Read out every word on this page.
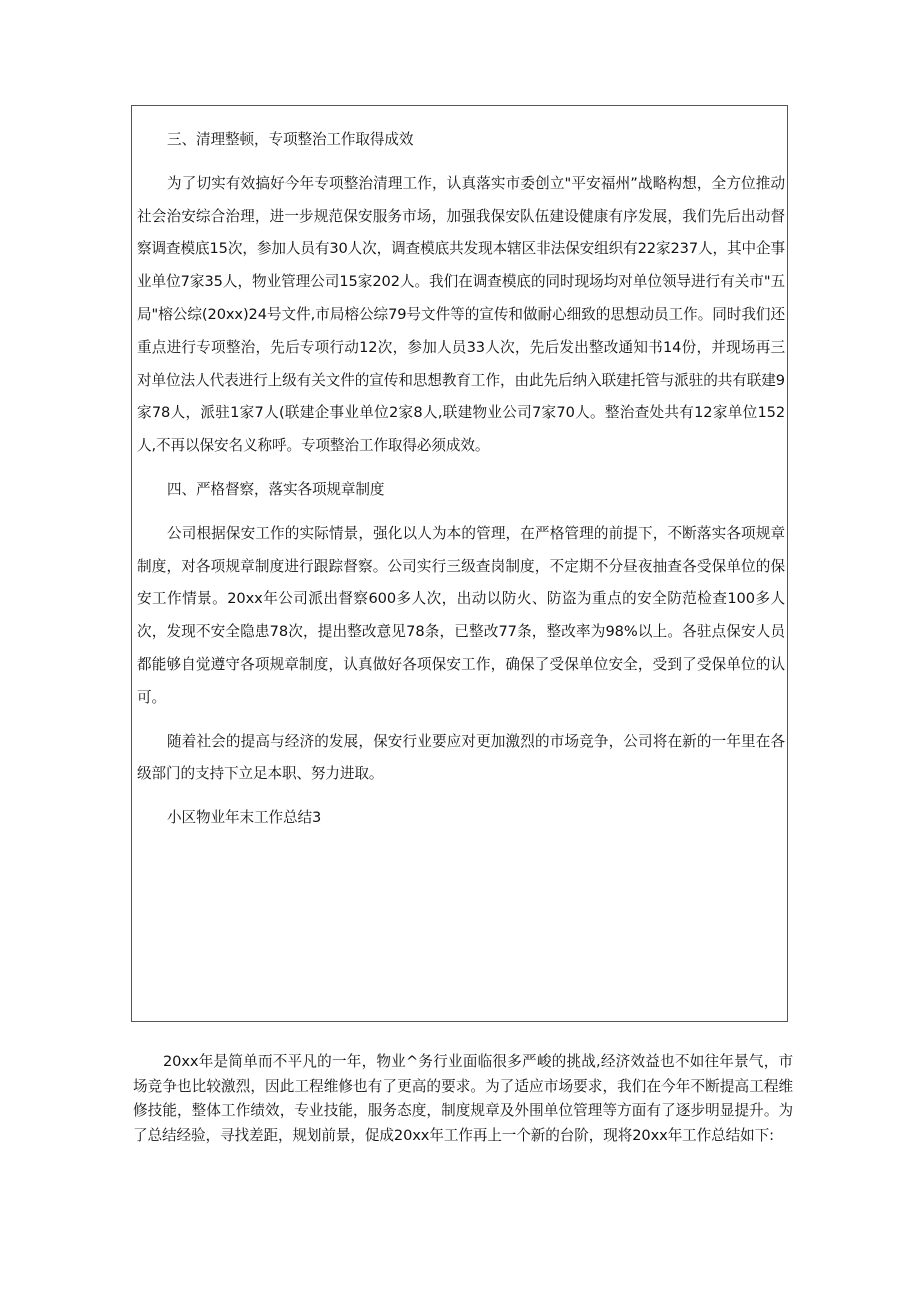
三、清理整顿，专项整治工作取得成效

为了切实有效搞好今年专项整治清理工作，认真落实市委创立"平安福州”战略构想，全方位推动社会治安综合治理，进一步规范保安服务市场，加强我保安队伍建设健康有序发展，我们先后出动督察调查模底15次，参加人员有30人次，调查模底共发现本辖区非法保安组织有22家237人，其中企事业单位7家35人，物业管理公司15家202人。我们在调查模底的同时现场均对单位领导进行有关市"五局"榕公综(20xx)24号文件,市局榕公综79号文件等的宣传和做耐心细致的思想动员工作。同时我们还重点进行专项整治，先后专项行动12次，参加人员33人次，先后发出整改通知书14份，并现场再三对单位法人代表进行上级有关文件的宣传和思想教育工作，由此先后纳入联建托管与派驻的共有联建9家78人，派驻1家7人(联建企事业单位2家8人,联建物业公司7家70人。整治查处共有12家单位152人,不再以保安名义称呼。专项整治工作取得必须成效。

四、严格督察，落实各项规章制度

公司根据保安工作的实际情景，强化以人为本的管理，在严格管理的前提下，不断落实各项规章制度，对各项规章制度进行跟踪督察。公司实行三级查岗制度，不定期不分昼夜抽查各受保单位的保安工作情景。20xx年公司派出督察600多人次，出动以防火、防盗为重点的安全防范检查100多人次，发现不安全隐患78次，提出整改意见78条，已整改77条，整改率为98%以上。各驻点保安人员都能够自觉遵守各项规章制度，认真做好各项保安工作，确保了受保单位安全，受到了受保单位的认可。

随着社会的提高与经济的发展，保安行业要应对更加激烈的市场竞争，公司将在新的一年里在各级部门的支持下立足本职、努力进取。

小区物业年末工作总结3

20xx年是简单而不平凡的一年，物业^务行业面临很多严峻的挑战,经济效益也不如往年景气，市场竞争也比较激烈，因此工程维修也有了更高的要求。为了适应市场要求，我们在今年不断提高工程维修技能，整体工作绩效，专业技能，服务态度，制度规章及外围单位管理等方面有了逐步明显提升。为了总结经验，寻找差距，规划前景，促成20xx年工作再上一个新的台阶，现将20xx年工作总结如下:
